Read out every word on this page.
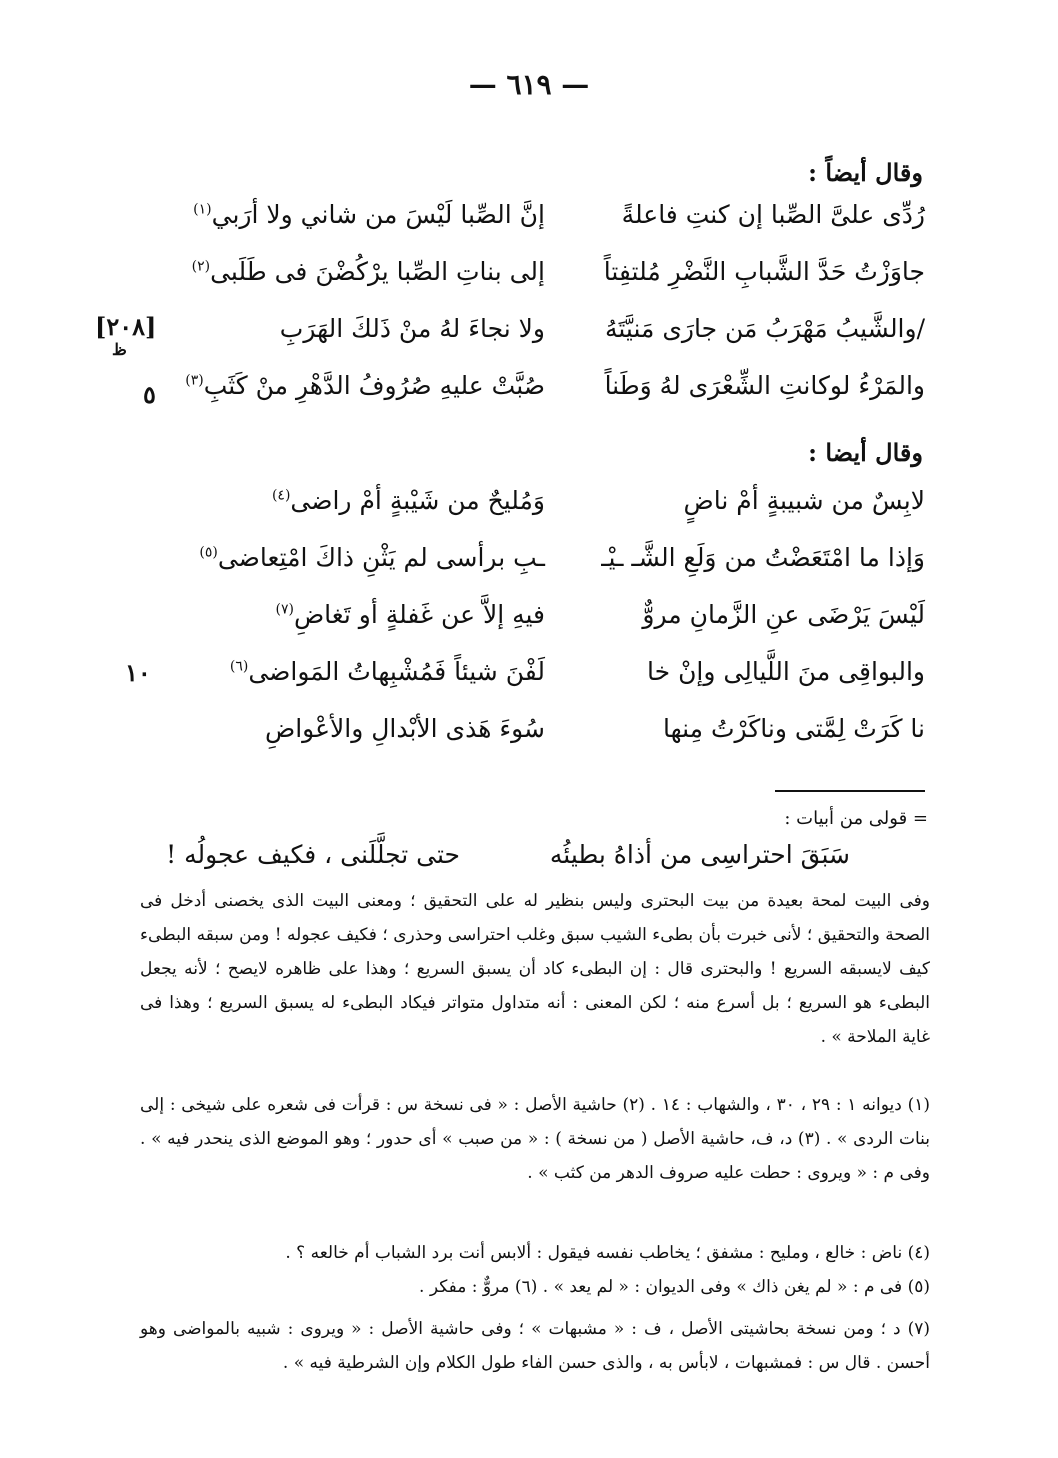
— ٦١٩ —
وقال أيضاً :
رُدِّى علىَّ الصِّبا إن كنتِ فاعلةً
إنَّ الصِّبا لَيْسَ من شاني ولا أرَبي$^{(١)}$
جاوَزْتُ حَدَّ الشَّبابِ النَّضْرِ مُلتفِتاً
إلى بناتِ الصِّبا يرْكُضْنَ فى طَلَبى$^{(٢)}$
/والشَّيبُ مَهْرَبُ مَن جارَى مَنيَّتَهُ
ولا نجاءَ لهُ منْ ذَلكَ الهَرَبِ
والمَرْءُ لوكانتِ الشِّعْرَى لهُ وَطَناً
صُبَّتْ عليهِ صُرُوفُ الدَّهْرِ منْ كَثَبِ$^{(٣)}$
[٢٠٨]
ظ
٥
وقال أيضا :
لابِسٌ من شبيبةٍ أمْ ناضٍ
وَمُليحٌ من شَيْبةٍ أمْ راضى$^{(٤)}$
وَإذا ما امْتَعَضْتُ من وَلَعِ الشَّـ ـيْـ
ـبِ برأسى لم يَثْنِ ذاكَ امْتِعاضى$^{(٥)}$
لَيْسَ يَرْضَى عنِ الزَّمانِ مروٌّ
فيهِ إلاَّ عن غَفلةٍ أو تَغاضِ$^{(٧)}$
والبواقِى منَ اللَّيالِى وإنْ خا
لَفْنَ شيئاً فَمُشْبِهاتُ المَواضى$^{(٦)}$
نا كَرَتْ لِمَّتى وناكَرْتُ مِنها
سُوءَ هَذى الأبْدالِ والأعْواضِ
١٠
= قولى من أبيات :
سَبَقَ احتراسِى من أذاهُ بطيئُه
حتى تجلَّلَنى ، فكيف عجولُه !
وفى البيت لمحة بعيدة من بيت البحترى وليس بنظير له على التحقيق ؛ ومعنى البيت الذى يخصنى أدخل فى الصحة والتحقيق ؛ لأنى خبرت بأن بطىء الشيب سبق وغلب احتراسى وحذرى ؛ فكيف عجوله ! ومن سبقه البطىء كيف لايسبقه السريع ! والبحترى قال : إن البطىء كاد أن يسبق السريع ؛ وهذا على ظاهره لايصح ؛ لأنه يجعل البطىء هو السريع ؛ بل أسرع منه ؛ لكن المعنى : أنه متداول متواتر فيكاد البطىء له يسبق السريع ؛ وهذا فى غاية الملاحة » .
(١) ديوانه ١ : ٢٩ ، ٣٠ ، والشهاب : ١٤ . (٢) حاشية الأصل : « فى نسخة س : قرأت فى شعره على شيخى : إلى بنات الردى » . (٣) د، ف، حاشية الأصل ( من نسخة ) : « من صبب » أى حدور ؛ وهو الموضع الذى ينحدر فيه » . وفى م : « ويروى : حطت عليه صروف الدهر من كثب » .
(٤) ناض : خالع ، ومليح : مشفق ؛ يخاطب نفسه فيقول : ألابس أنت برد الشباب أم خالعه ؟ .
(٥) فى م : « لم يغن ذاك » وفى الديوان : « لم يعد » . (٦) مروٌّ : مفكر .
(٧) د ؛ ومن نسخة بحاشيتى الأصل ، ف : « مشبهات » ؛ وفى حاشية الأصل : « ويروى : شبيه بالمواضى وهو أحسن . قال س : فمشبهات ، لابأس به ، والذى حسن الفاء طول الكلام وإن الشرطية فيه » .
